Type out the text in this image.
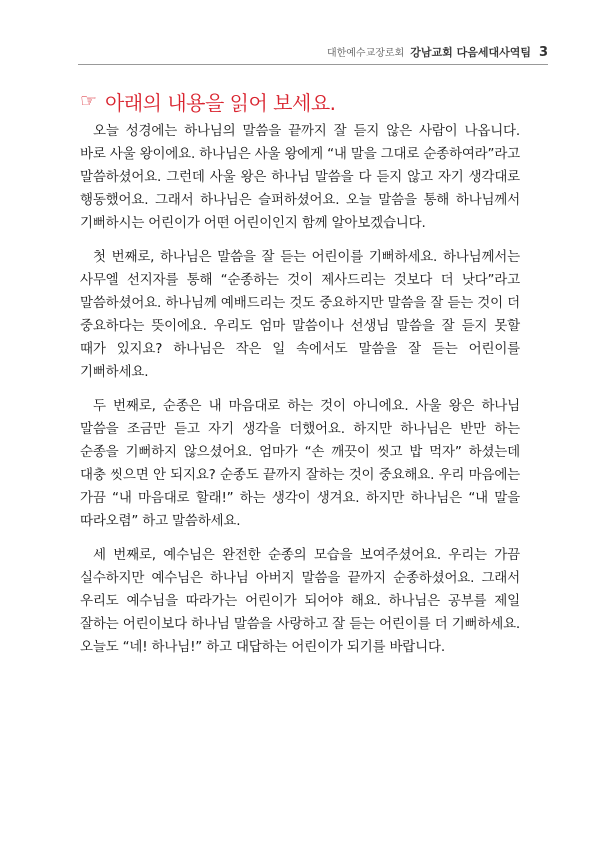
대한예수교장로회 강남교회 다음세대사역팀 3
☞ 아래의 내용을 읽어 보세요.

오늘 성경에는 하나님의 말씀을 끝까지 잘 듣지 않은 사람이 나옵니다. 바로 사울 왕이에요. 하나님은 사울 왕에게 “내 말을 그대로 순종하여라”라고 말씀하셨어요. 그런데 사울 왕은 하나님 말씀을 다 듣지 않고 자기 생각대로 행동했어요. 그래서 하나님은 슬퍼하셨어요. 오늘 말씀을 통해 하나님께서 기뻐하시는 어린이가 어떤 어린이인지 함께 알아보겠습니다.

첫 번째로, 하나님은 말씀을 잘 듣는 어린이를 기뻐하세요. 하나님께서는 사무엘 선지자를 통해 “순종하는 것이 제사드리는 것보다 더 낫다”라고 말씀하셨어요. 하나님께 예배드리는 것도 중요하지만 말씀을 잘 듣는 것이 더 중요하다는 뜻이에요. 우리도 엄마 말씀이나 선생님 말씀을 잘 듣지 못할 때가 있지요? 하나님은 작은 일 속에서도 말씀을 잘 듣는 어린이를 기뻐하세요.

두 번째로, 순종은 내 마음대로 하는 것이 아니에요. 사울 왕은 하나님 말씀을 조금만 듣고 자기 생각을 더했어요. 하지만 하나님은 반만 하는 순종을 기뻐하지 않으셨어요. 엄마가 “손 깨끗이 씻고 밥 먹자” 하셨는데 대충 씻으면 안 되지요? 순종도 끝까지 잘하는 것이 중요해요. 우리 마음에는 가끔 “내 마음대로 할래!” 하는 생각이 생겨요. 하지만 하나님은 “내 말을 따라오렴” 하고 말씀하세요.

세 번째로, 예수님은 완전한 순종의 모습을 보여주셨어요. 우리는 가끔 실수하지만 예수님은 하나님 아버지 말씀을 끝까지 순종하셨어요. 그래서 우리도 예수님을 따라가는 어린이가 되어야 해요. 하나님은 공부를 제일 잘하는 어린이보다 하나님 말씀을 사랑하고 잘 듣는 어린이를 더 기뻐하세요. 오늘도 “네! 하나님!” 하고 대답하는 어린이가 되기를 바랍니다.
